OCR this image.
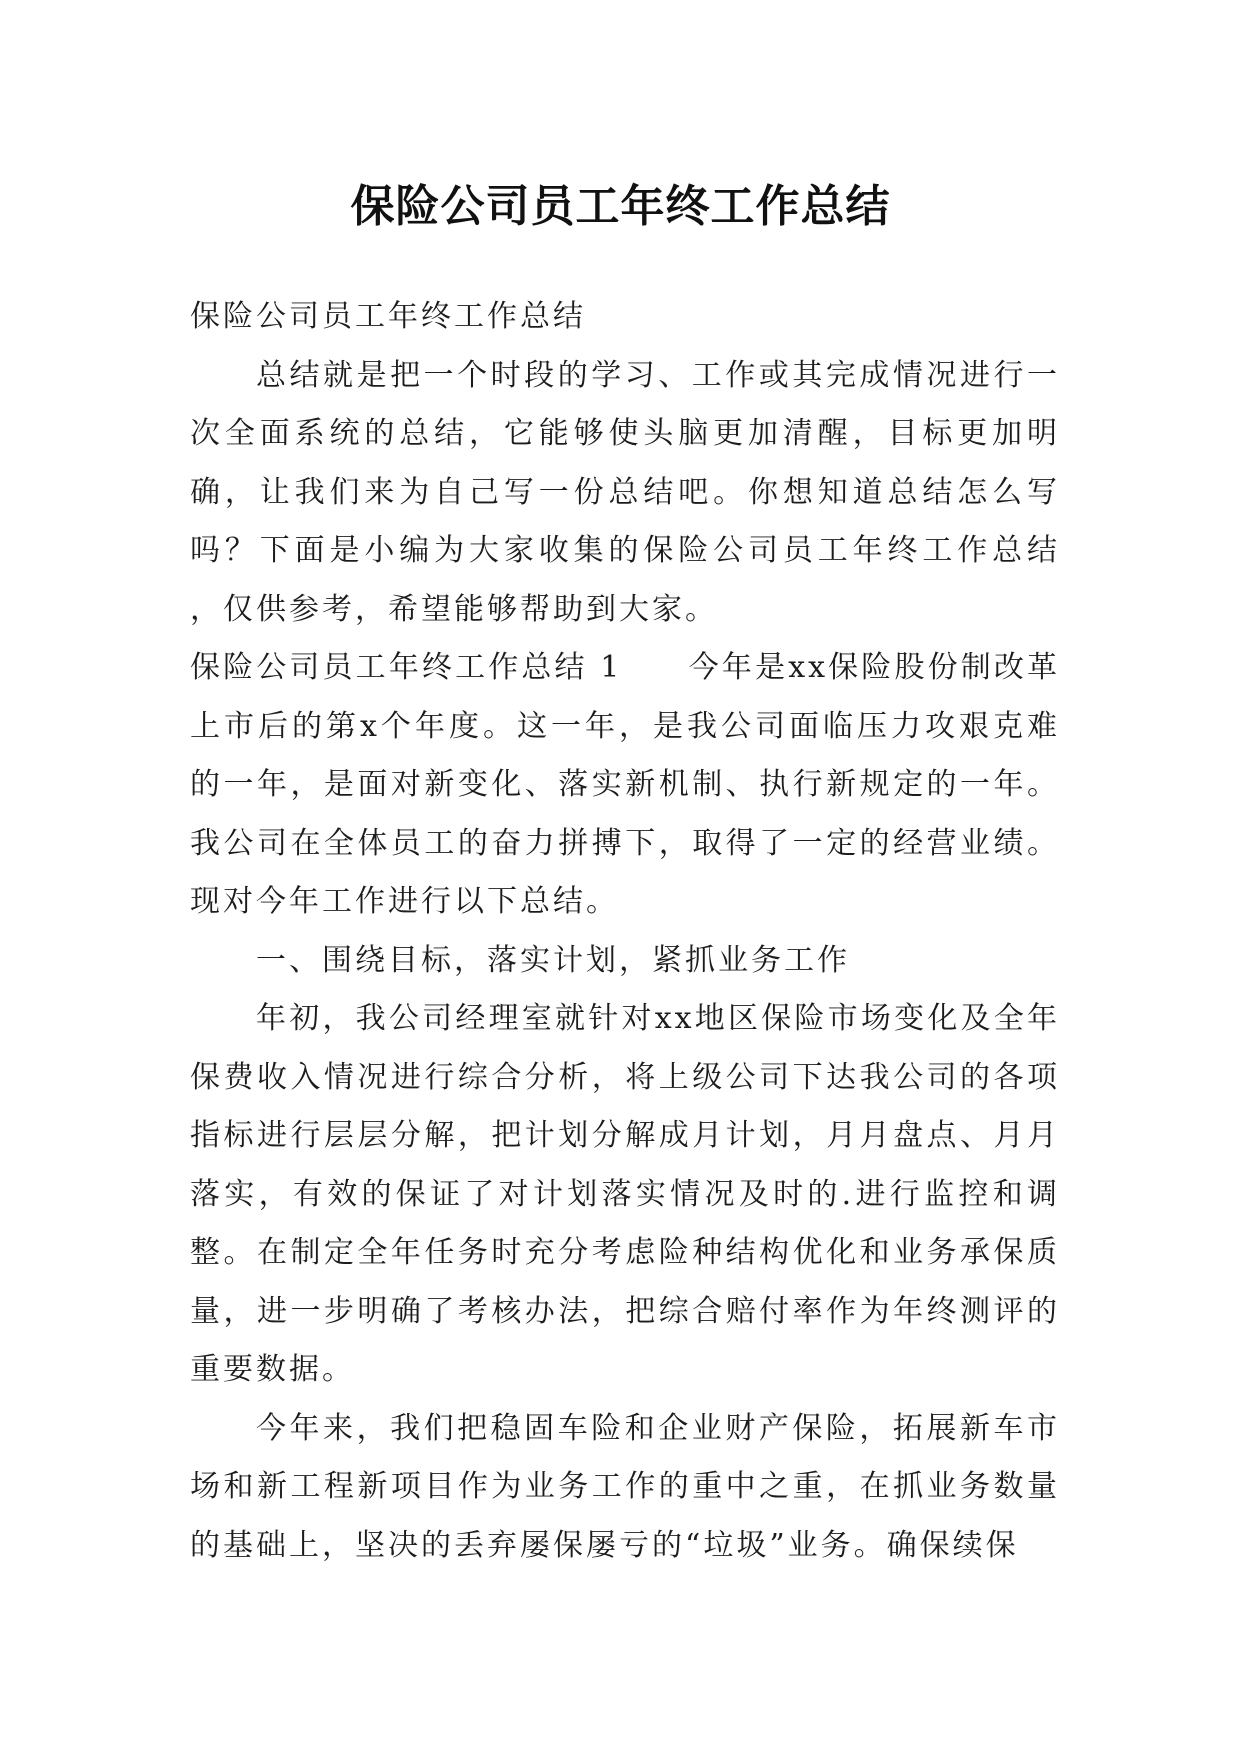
保险公司员工年终工作总结

保险公司员工年终工作总结

总结就是把一个时段的学习、工作或其完成情况进行一次全面系统的总结，它能够使头脑更加清醒，目标更加明确，让我们来为自己写一份总结吧。你想知道总结怎么写吗？下面是小编为大家收集的保险公司员工年终工作总结 ，仅供参考，希望能够帮助到大家。

保险公司员工年终工作总结 1　　今年是xx保险股份制改革上市后的第x个年度。这一年，是我公司面临压力攻艰克难的一年，是面对新变化、落实新机制、执行新规定的一年。我公司在全体员工的奋力拼搏下，取得了一定的经营业绩。现对今年工作进行以下总结。

一、围绕目标，落实计划，紧抓业务工作

年初，我公司经理室就针对xx地区保险市场变化及全年保费收入情况进行综合分析，将上级公司下达我公司的各项指标进行层层分解，把计划分解成月计划，月月盘点、月月落实，有效的保证了对计划落实情况及时的.进行监控和调整。在制定全年任务时充分考虑险种结构优化和业务承保质量，进一步明确了考核办法，把综合赔付率作为年终测评的重要数据。

今年来，我们把稳固车险和企业财产保险，拓展新车市场和新工程新项目作为业务工作的重中之重，在抓业务数量的基础上，坚决的丢弃屡保屡亏的“垃圾”业务。确保续保
